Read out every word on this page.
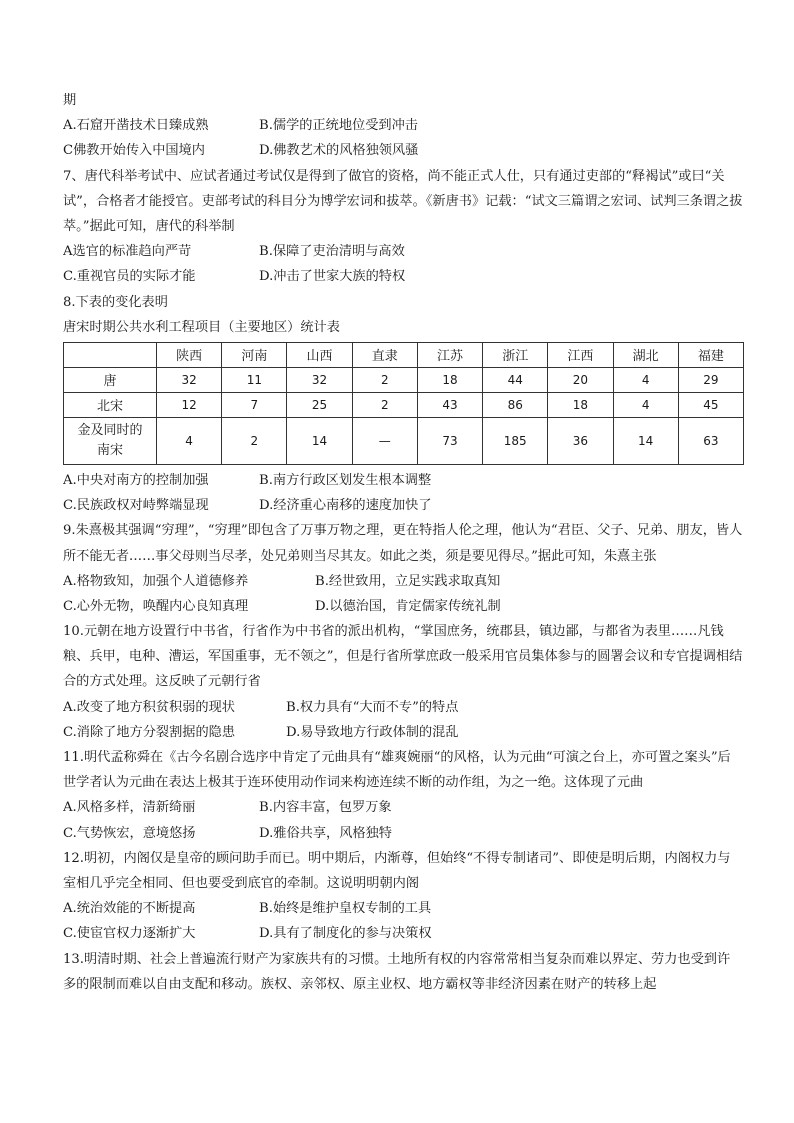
期
A.石窟开凿技术日臻成熟	B.儒学的正统地位受到冲击
C佛教开始传入中国境内	D.佛教艺术的风格独领风骚
7、唐代科举考试中、应试者通过考试仅是得到了做官的资格，尚不能正式人仕，只有通过吏部的“释褐试”或曰“关试”，合格者才能授官。吏部考试的科目分为博学宏词和拔萃。《新唐书》记载：“试文三篇谓之宏词、试判三条谓之拔萃。”据此可知，唐代的科举制
A选官的标准趋向严苛	B.保障了吏治清明与高效
C.重视官员的实际才能	D.冲击了世家大族的特权
8.下表的变化表明
唐宋时期公共水利工程项目（主要地区）统计表
	陕西	河南	山西	直隶	江苏	浙江	江西	湖北	福建
唐	32	11	32	2	18	44	20	4	29
北宋	12	7	25	2	43	86	18	4	45

金及同时的
南宋	4	2	14	—	73	185	36	14	63
A.中央对南方的控制加强	B.南方行政区划发生根本调整
C.民族政权对峙弊端显现	D.经济重心南移的速度加快了
9.朱熹极其强调“穷理”，“穷理”即包含了万事万物之理，更在特指人伦之理，他认为“君臣、父子、兄弟、朋友，皆人所不能无者……事父母则当尽孝，处兄弟则当尽其友。如此之类，须是要见得尽。”据此可知，朱熹主张
A.格物致知，加强个人道德修养	B.经世致用，立足实践求取真知
C.心外无物，唤醒内心良知真理	D.以德治国，肯定儒家传统礼制
10.元朝在地方设置行中书省，行省作为中书省的派出机构，“掌国庶务，统郡县，镇边鄙，与都省为表里……凡钱粮、兵甲，电种、漕运，军国重事，无不领之”，但是行省所掌庶政一般采用官员集体参与的圆署会议和专官提调相结合的方式处理。这反映了元朝行省
A.改变了地方积贫积弱的现状	B.权力具有“大而不专”的特点
C.消除了地方分裂割据的隐患	D.易导致地方行政体制的混乱
11.明代孟称舜在《古今名剧合选序中肯定了元曲具有“雄爽婉丽“的风格，认为元曲“可演之台上，亦可置之案头”后世学者认为元曲在表达上极其于连环使用动作词来构迹连续不断的动作组，为之一绝。这体现了元曲
A.风格多样，清新绮丽	B.内容丰富，包罗万象
C.气势恢宏，意境悠扬	D.雅俗共享，风格独特
12.明初，内阁仅是皇帝的顾问助手而已。明中期后，内渐尊，但始终“不得专制诸司”、即使是明后期，内阁权力与室相几乎完全相同、但也要受到底官的牵制。这说明明朝内阁
A.统治效能的不断提高	B.始终是维护皇权专制的工具
C.使宦官权力逐渐扩大	D.具有了制度化的参与决策权
13.明清时期、社会上普遍流行财产为家族共有的习惯。土地所有权的内容常常相当复杂而难以界定、劳力也受到许多的限制而难以自由支配和移动。族权、亲邻权、原主业权、地方霸权等非经济因素在财产的转移上起
